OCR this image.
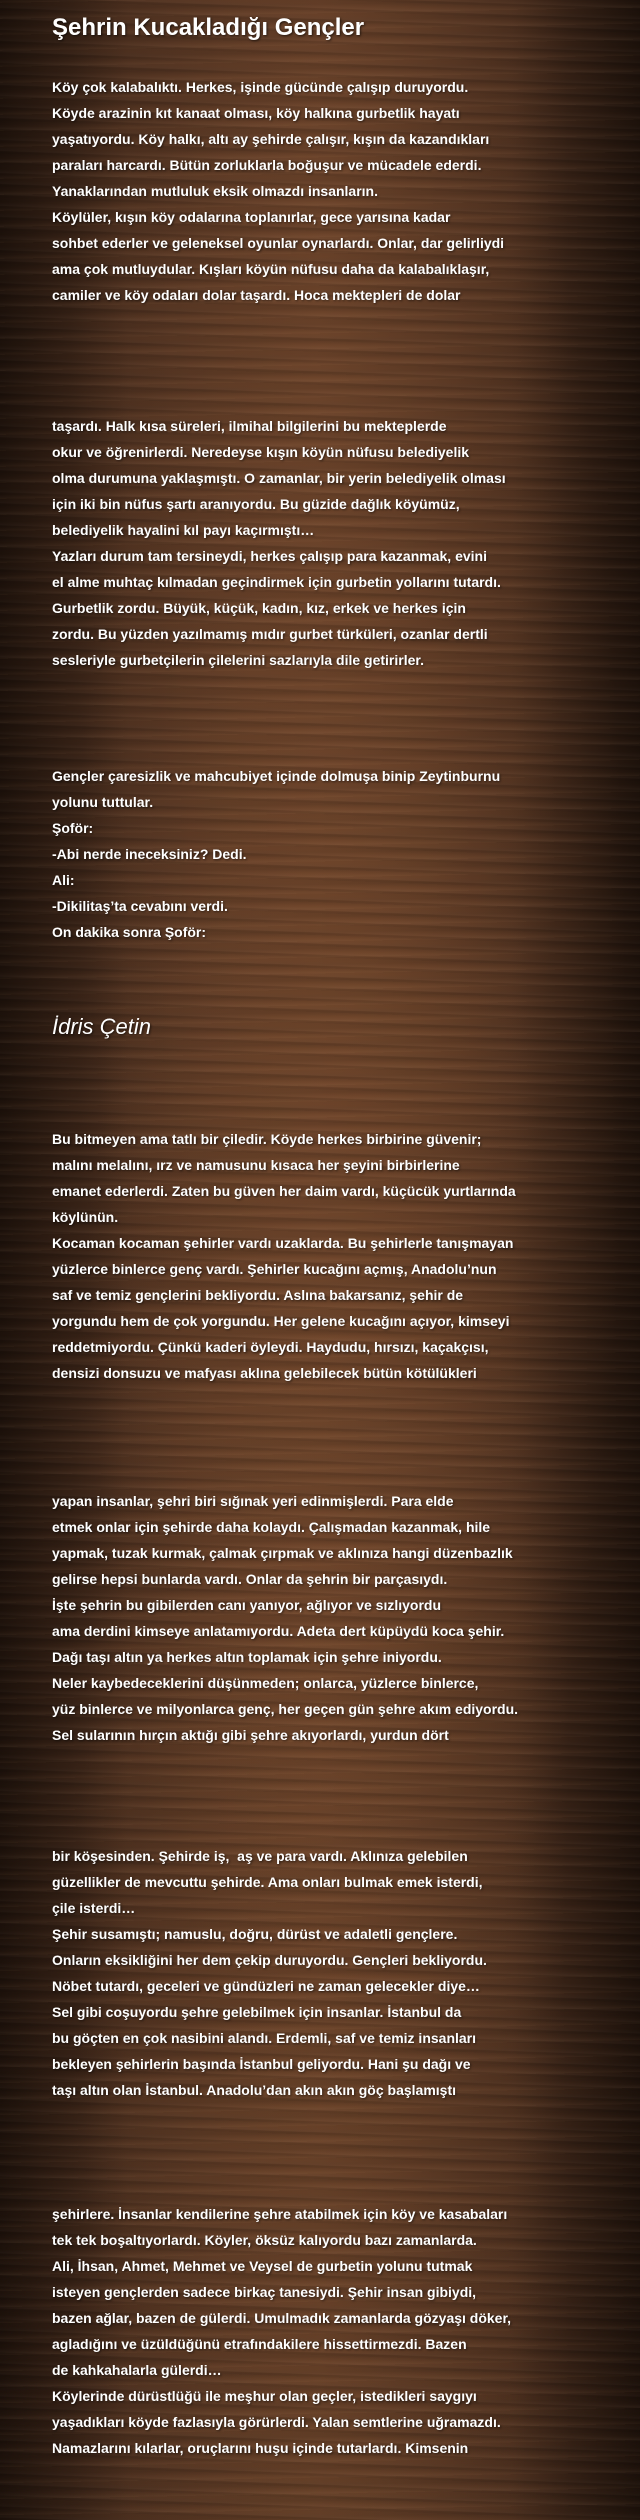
Şehrin Kucakladığı Gençler

Köy çok kalabalıktı. Herkes, işinde gücünde çalışıp duruyordu.
Köyde arazinin kıt kanaat olması, köy halkına gurbetlik hayatı
yaşatıyordu. Köy halkı, altı ay şehirde çalışır, kışın da kazandıkları
paraları harcardı. Bütün zorluklarla boğuşur ve mücadele ederdi.
Yanaklarından mutluluk eksik olmazdı insanların.
Köylüler, kışın köy odalarına toplanırlar, gece yarısına kadar
sohbet ederler ve geleneksel oyunlar oynarlardı. Onlar, dar gelirliydi
ama çok mutluydular. Kışları köyün nüfusu daha da kalabalıklaşır,
camiler ve köy odaları dolar taşardı. Hoca mektepleri de dolar

taşardı. Halk kısa süreleri, ilmihal bilgilerini bu mekteplerde
okur ve öğrenirlerdi. Neredeyse kışın köyün nüfusu belediyelik
olma durumuna yaklaşmıştı. O zamanlar, bir yerin belediyelik olması
için iki bin nüfus şartı aranıyordu. Bu güzide dağlık köyümüz,
belediyelik hayalini kıl payı kaçırmıştı…
Yazları durum tam tersineydi, herkes çalışıp para kazanmak, evini
el alme muhtaç kılmadan geçindirmek için gurbetin yollarını tutardı.
Gurbetlik zordu. Büyük, küçük, kadın, kız, erkek ve herkes için
zordu. Bu yüzden yazılmamış mıdır gurbet türküleri, ozanlar dertli
sesleriyle gurbetçilerin çilelerini sazlarıyla dile getirirler.

Gençler çaresizlik ve mahcubiyet içinde dolmuşa binip Zeytinburnu
yolunu tuttular.
Şoför:
-Abi nerde ineceksiniz? Dedi.
Ali:
-Dikilitaş’ta cevabını verdi.
On dakika sonra Şoför:

İdris Çetin

Bu bitmeyen ama tatlı bir çiledir. Köyde herkes birbirine güvenir;
malını melalını, ırz ve namusunu kısaca her şeyini birbirlerine
emanet ederlerdi. Zaten bu güven her daim vardı, küçücük yurtlarında
köylünün.
Kocaman kocaman şehirler vardı uzaklarda. Bu şehirlerle tanışmayan
yüzlerce binlerce genç vardı. Şehirler kucağını açmış, Anadolu’nun
saf ve temiz gençlerini bekliyordu. Aslına bakarsanız, şehir de
yorgundu hem de çok yorgundu. Her gelene kucağını açıyor, kimseyi
reddetmiyordu. Çünkü kaderi öyleydi. Haydudu, hırsızı, kaçakçısı,
densizi donsuzu ve mafyası aklına gelebilecek bütün kötülükleri

yapan insanlar, şehri biri sığınak yeri edinmişlerdi. Para elde
etmek onlar için şehirde daha kolaydı. Çalışmadan kazanmak, hile
yapmak, tuzak kurmak, çalmak çırpmak ve aklınıza hangi düzenbazlık
gelirse hepsi bunlarda vardı. Onlar da şehrin bir parçasıydı.
İşte şehrin bu gibilerden canı yanıyor, ağlıyor ve sızlıyordu
ama derdini kimseye anlatamıyordu. Adeta dert küpüydü koca şehir.
Dağı taşı altın ya herkes altın toplamak için şehre iniyordu.
Neler kaybedeceklerini düşünmeden; onlarca, yüzlerce binlerce,
yüz binlerce ve milyonlarca genç, her geçen gün şehre akım ediyordu.
Sel sularının hırçın aktığı gibi şehre akıyorlardı, yurdun dört

bir köşesinden. Şehirde iş,  aş ve para vardı. Aklınıza gelebilen
güzellikler de mevcuttu şehirde. Ama onları bulmak emek isterdi,
çile isterdi…
Şehir susamıştı; namuslu, doğru, dürüst ve adaletli gençlere.
Onların eksikliğini her dem çekip duruyordu. Gençleri bekliyordu.
Nöbet tutardı, geceleri ve gündüzleri ne zaman gelecekler diye…
Sel gibi coşuyordu şehre gelebilmek için insanlar. İstanbul da
bu göçten en çok nasibini alandı. Erdemli, saf ve temiz insanları
bekleyen şehirlerin başında İstanbul geliyordu. Hani şu dağı ve
taşı altın olan İstanbul. Anadolu’dan akın akın göç başlamıştı

şehirlere. İnsanlar kendilerine şehre atabilmek için köy ve kasabaları
tek tek boşaltıyorlardı. Köyler, öksüz kalıyordu bazı zamanlarda.
Ali, İhsan, Ahmet, Mehmet ve Veysel de gurbetin yolunu tutmak
isteyen gençlerden sadece birkaç tanesiydi. Şehir insan gibiydi,
bazen ağlar, bazen de gülerdi. Umulmadık zamanlarda gözyaşı döker,
agladığını ve üzüldüğünü etrafındakilere hissettirmezdi. Bazen
de kahkahalarla gülerdi…
Köylerinde dürüstlüğü ile meşhur olan geçler, istedikleri saygıyı
yaşadıkları köyde fazlasıyla görürlerdi. Yalan semtlerine uğramazdı.
Namazlarını kılarlar, oruçlarını huşu içinde tutarlardı. Kimsenin
